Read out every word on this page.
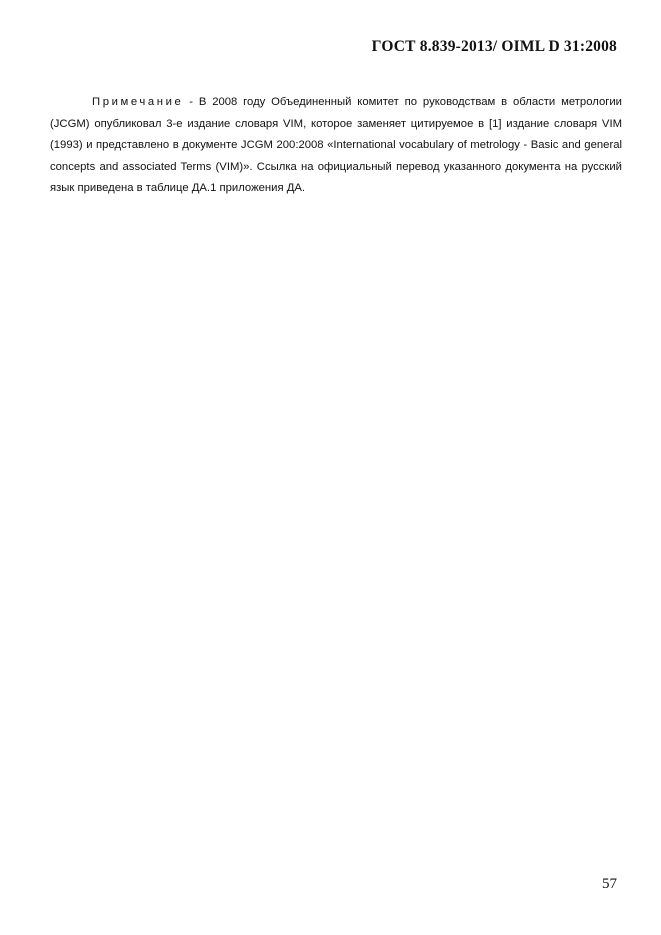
ГОСТ 8.839-2013/ OIML D 31:2008

Примечание - В 2008 году Объединенный комитет по руководствам в области метрологии (JCGM) опубликовал 3-е издание словаря VIM, которое заменяет цитируемое в [1] издание словаря VIM (1993) и представлено в документе JCGM 200:2008 «International vocabulary of metrology - Basic and general concepts and associated Terms (VIM)». Ссылка на официальный перевод указанного документа на русский язык приведена в таблице ДА.1 приложения ДА.

57
